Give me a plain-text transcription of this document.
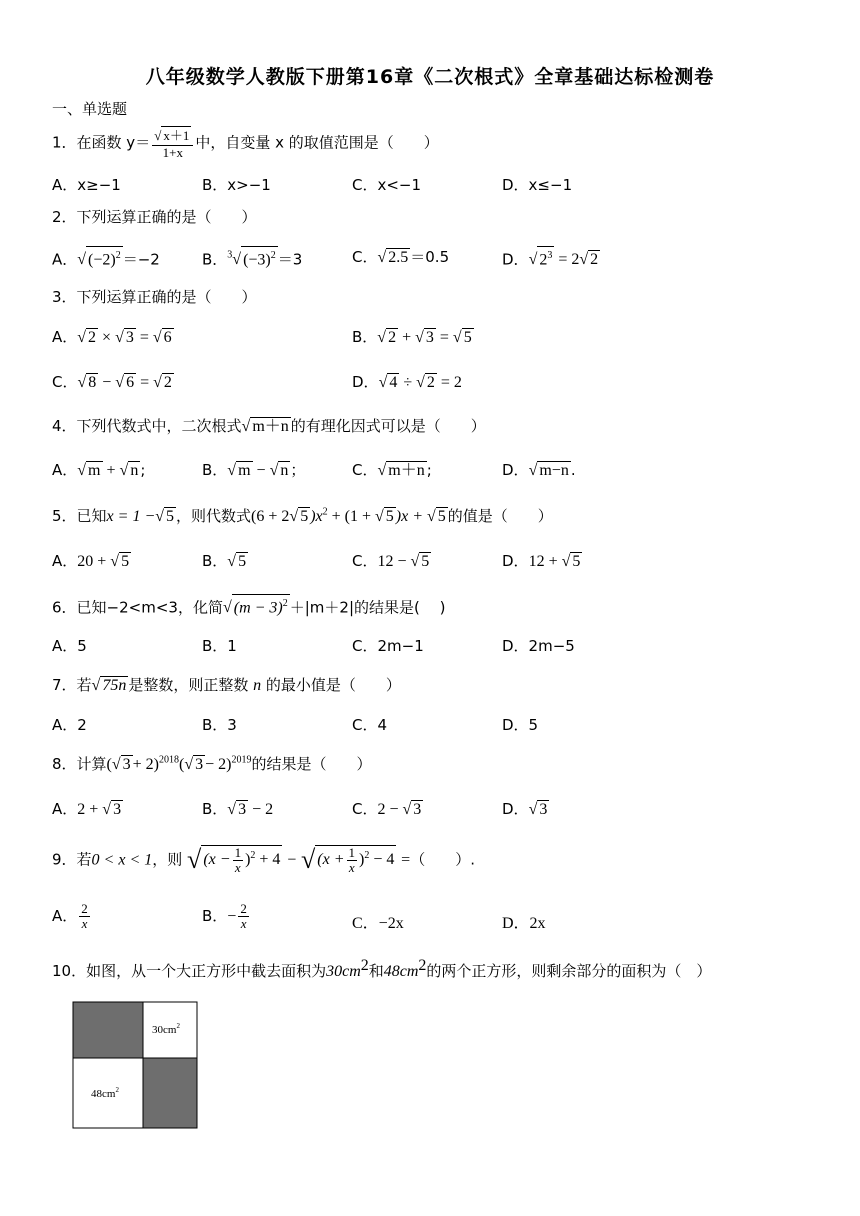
八年级数学人教版下册第16章《二次根式》全章基础达标检测卷
一、单选题
1．在函数 $y= \frac{√ x+1}{1+x}$ 中，自变量 x 的取值范围是（　　）
A．x≥−1	B．x>−1	C．x<−1	D．x≤−1
2．下列运算正确的是（　　）
A．√ $(-2)^2 =-2$	B．$^3$√ $(-3)^2 =3$	C．√ 2.5 ＝0.5	D．√ $2^3 = 2√$ 2
3．下列运算正确的是（　　）
A．√ 2 × √ 3 = √ 6	B．√ 2 + √ 3 = √ 5
C．√ 8 − √ 6 = √ 2	D．√ 4 ÷ √ 2 = 2
4．下列代数式中，二次根式√ m＋n 的有理化因式可以是（　　）
A．√ m + √ n ;	B．√ m − √ n ；	C．√ m＋n ;	D．√ m−n .
5．已知x = 1 −√ 5 ，则代数式(6 + 2√ 5 )$x^2 + (1$ + √ 5 )x + √ 5 的值是（　　）
A．20 + √ 5	B．√ 5	C．12 − √ 5	D．12 + √ 5
6．已知−2<m<3，化简√ $(m - 3)^2 +|m+2|$的结果是(　 )
A．5	B．1	C．2m−1	D．2m−5
7．若√ 75n 是整数，则正整数 n 的最小值是（　　）
A．2	B．3	C．4	D．5
8．计算(√ 3 + 2)$^{2018}$(√ 3 − 2)$^{2019}$的结果是（　　）
A．2 + √ 3	B．√ 3 − 2	C．2 − √ 3	D．√ 3
9．若0 < x < 1，则 √ $(x - \frac{1}{x} )^2 + 4$ − √ $(x + \frac{1}{x} )^2 - 4$ =（　　）.
A． $\frac{2}{x}$	B．− $\frac{2}{x}$	C．−2x	D．2x
10．如图，从一个大正方形中截去面积为$30cm^2$和$48cm^2$的两个正方形，则剩余部分的面积为（　）
$30cm^2$
$48cm^2$
